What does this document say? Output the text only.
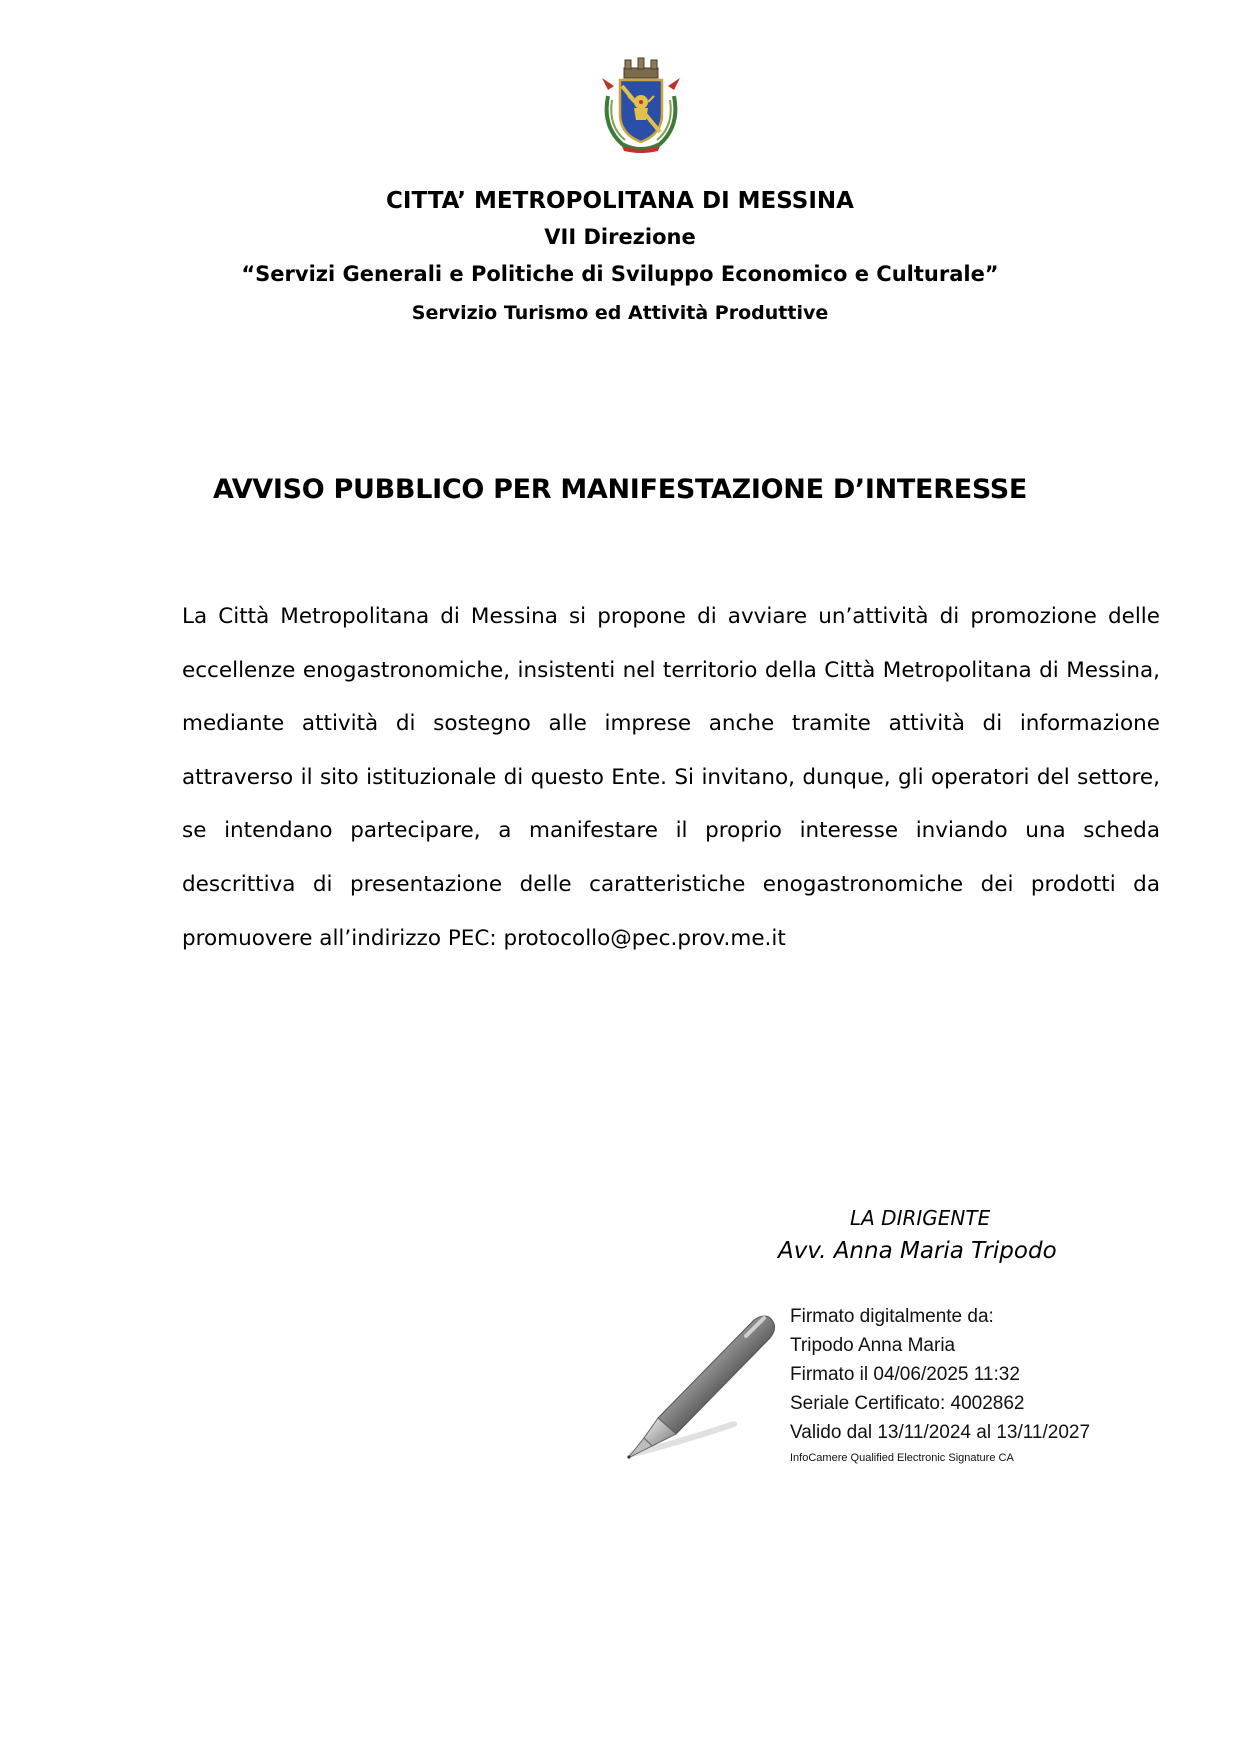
CITTA’ METROPOLITANA DI MESSINA
VII Direzione
“Servizi Generali e Politiche di Sviluppo Economico e Culturale”
Servizio Turismo ed Attività Produttive
AVVISO PUBBLICO PER MANIFESTAZIONE D’INTERESSE
La Città Metropolitana di Messina si propone di avviare un’attività di promozione delle eccellenze enogastronomiche, insistenti nel territorio della Città Metropolitana di Messina, mediante attività di sostegno alle imprese anche tramite attività di informazione attraverso il sito istituzionale di questo Ente. Si invitano, dunque, gli operatori del settore, se intendano partecipare, a manifestare il proprio interesse inviando una scheda descrittiva di presentazione delle caratteristiche enogastronomiche dei prodotti da promuovere all’indirizzo PEC: protocollo@pec.prov.me.it
LA DIRIGENTE
Avv. Anna Maria Tripodo
Firmato digitalmente da:
Tripodo Anna Maria
Firmato il 04/06/2025 11:32
Seriale Certificato: 4002862
Valido dal 13/11/2024 al 13/11/2027
InfoCamere Qualified Electronic Signature CA
